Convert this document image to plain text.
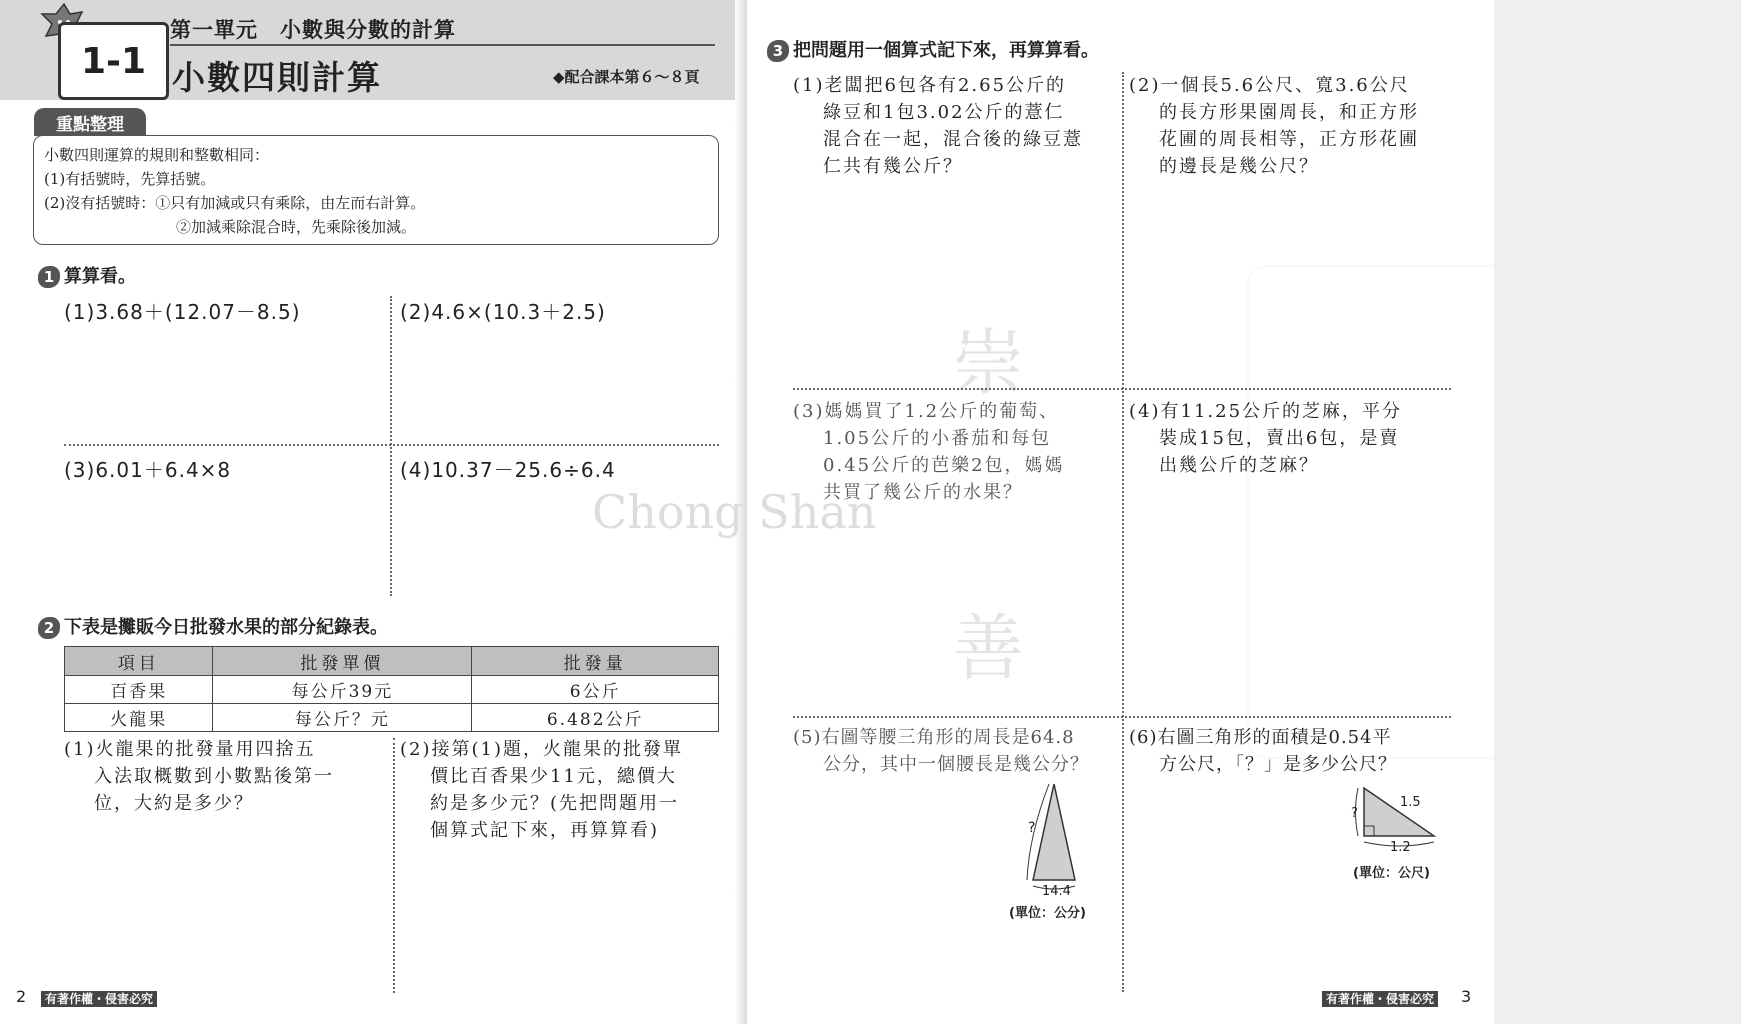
1-1
第一單元　小數與分數的計算
小數四則計算	◆配合課本第６～８頁
重點整理
小數四則運算的規則和整數相同：
(1)有括號時，先算括號。
(2)沒有括號時：①只有加減或只有乘除，由左而右計算。
②加減乘除混合時，先乘除後加減。
1 算算看。
(1)3.68＋(12.07－8.5)	(2)4.6×(10.3＋2.5)
(3)6.01＋6.4×8	(4)10.37－25.6÷6.4
2 下表是攤販今日批發水果的部分紀錄表。
項目	批發單價	批發量
百香果	每公斤39元	6公斤
火龍果	每公斤？元	6.482公斤
(1)火龍果的批發量用四捨五
入法取概數到小數點後第一
位，大約是多少？
(2)接第(1)題，火龍果的批發單
價比百香果少11元，總價大
約是多少元？(先把問題用一
個算式記下來，再算算看)
2	有著作權・侵害必究
崇
Chong Shan
善
3 把問題用一個算式記下來，再算算看。
(1)老闆把6包各有2.65公斤的
綠豆和1包3.02公斤的薏仁
混合在一起，混合後的綠豆薏
仁共有幾公斤？
(2)一個長5.6公尺、寬3.6公尺
的長方形果園周長，和正方形
花圃的周長相等，正方形花圃
的邊長是幾公尺？
(3)媽媽買了1.2公斤的葡萄、
1.05公斤的小番茄和每包
0.45公斤的芭樂2包，媽媽
共買了幾公斤的水果？
(4)有11.25公斤的芝麻，平分
裝成15包，賣出6包，是賣
出幾公斤的芝麻？
(5)右圖等腰三角形的周長是64.8
公分，其中一個腰長是幾公分？
(6)右圖三角形的面積是0.54平
方公尺，「？」是多少公尺？
?
14.4
(單位：公分)
?
1.5
1.2
(單位：公尺)
有著作權・侵害必究 3
